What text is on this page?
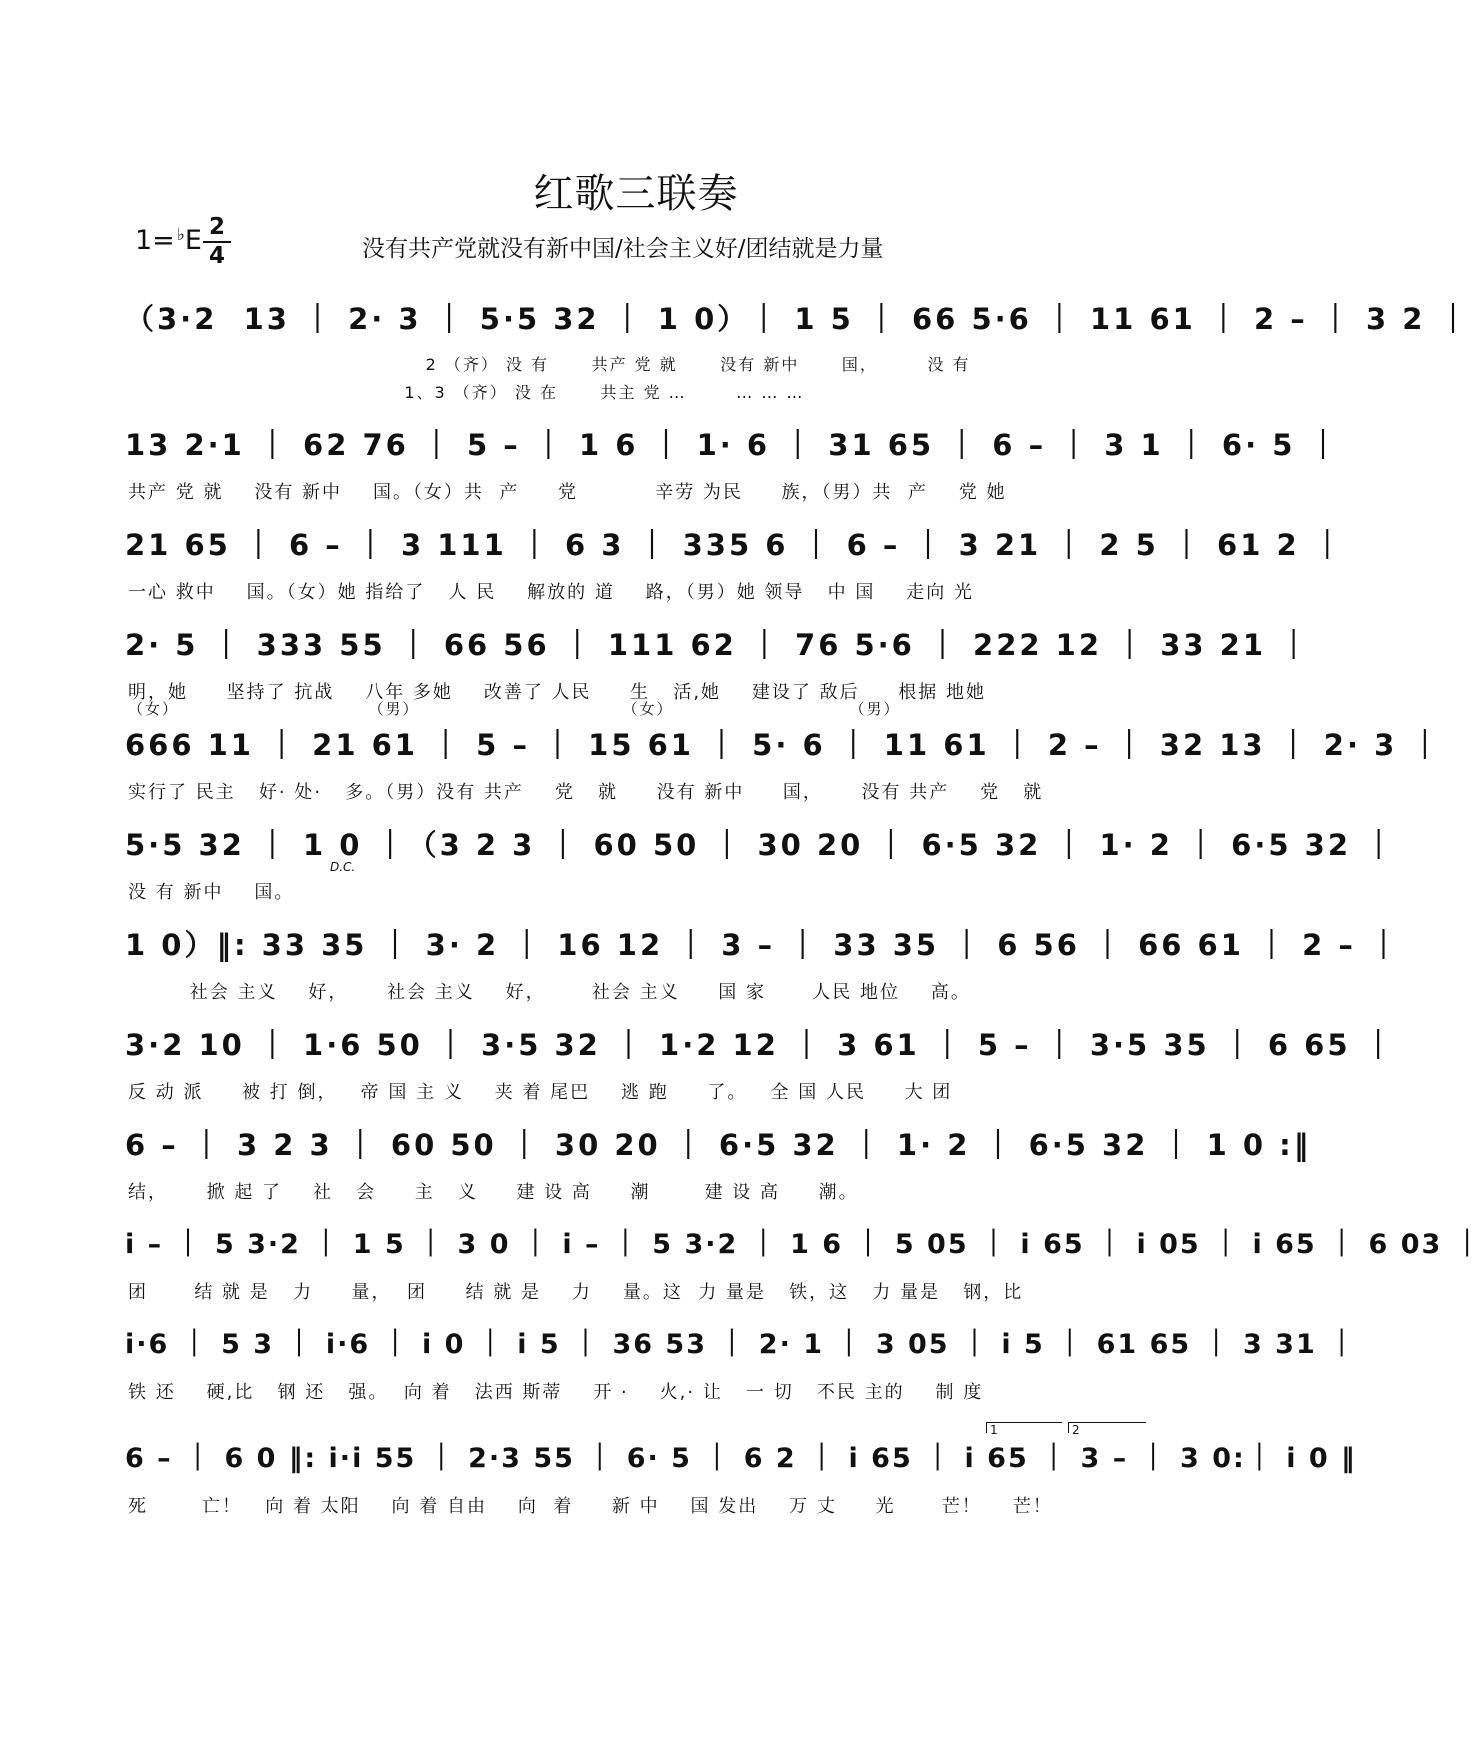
红歌三联奏
$1= ^♭E \frac{2}{4}$	没有共产党就没有新中国/社会主义好/团结就是力量
（3·2  13 ｜ 2· 3 ｜ 5·5 32 ｜ 1 0）｜ 1 5 ｜ 66 5·6 ｜ 11 61 ｜ 2 – ｜ 3 2 ｜
2 （齐） 没 有      共产 党 就      没有 新中      国，       没 有
1、3 （齐） 没 在      共主 党 …       … … …
13 2·1 ｜ 62 76 ｜ 5 – ｜ 1 6 ｜ 1· 6 ｜ 31 65 ｜ 6 – ｜ 3 1 ｜ 6· 5 ｜
共产 党 就    没有 新中    国。（女）共  产     党          辛劳 为民     族，（男）共  产    党 她
21 65 ｜ 6 – ｜ 3 111 ｜ 6 3 ｜ 335 6 ｜ 6 – ｜ 3 21 ｜ 2 5 ｜ 61 2 ｜
一心 救中    国。（女）她 指给了   人 民    解放的 道    路，（男）她 领导   中 国    走向 光
2· 5 ｜ 333 55 ｜ 66 56 ｜ 111 62 ｜ 76 5·6 ｜ 222 12 ｜ 33 21 ｜
明，她     坚持了 抗战    八年 多她    改善了 人民     生   活,她    建设了 敌后     根据 地她
（女）                            （男）                              （女）                          （男）
666 11 ｜ 21 61 ｜ 5 – ｜ 15 61 ｜ 5· 6 ｜ 11 61 ｜ 2 – ｜ 32 13 ｜ 2· 3 ｜
实行了 民主   好· 处·   多。（男）没有 共产    党   就     没有 新中     国，     没有 共产    党   就
5·5 32 ｜ 1 0 ｜（3 2 3 ｜ 60 50 ｜ 30 20 ｜ 6·5 32 ｜ 1· 2 ｜ 6·5 32 ｜
没 有 新中    国。
D.C.
1 0）‖: 33 35 ｜ 3· 2 ｜ 16 12 ｜ 3 – ｜ 33 35 ｜ 6 56 ｜ 66 61 ｜ 2 – ｜
社会 主义    好，     社会 主义    好，      社会 主义     国 家      人民 地位    高。
3·2 10 ｜ 1·6 50 ｜ 3·5 32 ｜ 1·2 12 ｜ 3 61 ｜ 5 – ｜ 3·5 35 ｜ 6 65 ｜
反 动 派     被 打 倒，   帝 国 主 义    夹 着 尾巴    逃 跑     了。   全 国 人民     大 团
6 – ｜ 3 2 3 ｜ 60 50 ｜ 30 20 ｜ 6·5 32 ｜ 1· 2 ｜ 6·5 32 ｜ 1 0 :‖
结，     掀 起 了    社   会     主   义     建 设 高     潮       建 设 高     潮。
i – ｜ 5 3·2 ｜ 1 5 ｜ 3 0 ｜ i – ｜ 5 3·2 ｜ 1 6 ｜ 5 05 ｜ i 65 ｜ i 05 ｜ i 65 ｜ 6 03 ｜
团      结 就 是   力     量，  团     结 就 是    力    量。这  力 量是   铁，这   力 量是   钢，比
i·6 ｜ 5 3 ｜ i·6 ｜ i 0 ｜ i 5 ｜ 36 53 ｜ 2· 1 ｜ 3 05 ｜ i 5 ｜ 61 65 ｜ 3 31 ｜
铁 还    硬,比   钢 还   强。  向 着   法西 斯蒂    开 ·    火,· 让   一 切   不民 主的    制 度
1	2
6 – ｜ 6 0 ‖: i·i 55 ｜ 2·3 55 ｜ 6· 5 ｜ 6 2 ｜ i 65 ｜ i 65 ｜ 3 – ｜ 3 0:｜ i 0 ‖
死       亡！   向 着 太阳    向 着 自由    向  着     新 中    国 发出    万 丈     光      芒！    芒！
